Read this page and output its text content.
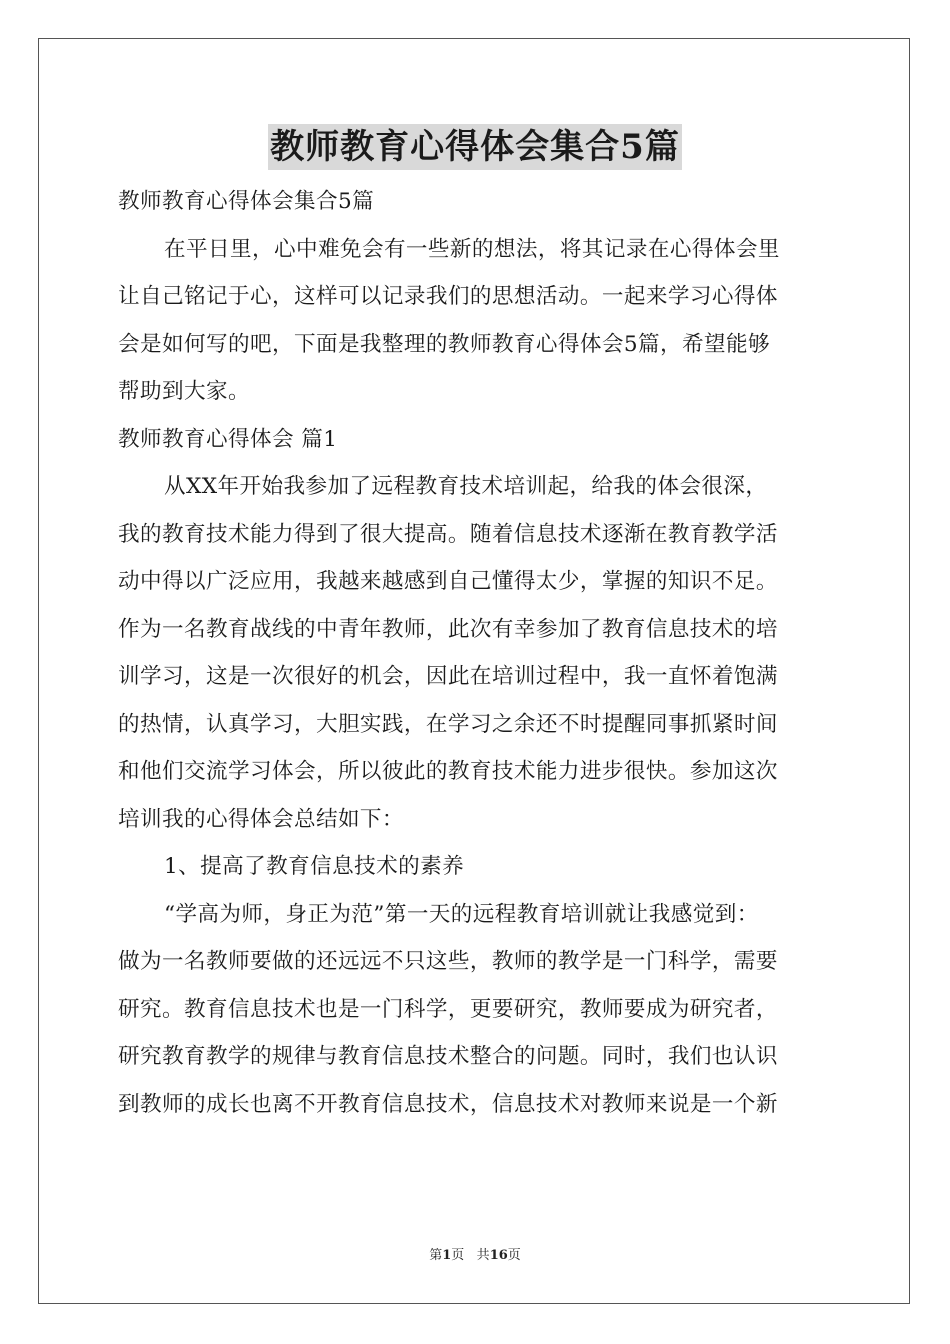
教师教育心得体会集合5篇
教师教育心得体会集合5篇
在平日里，心中难免会有一些新的想法，将其记录在心得体会里
让自己铭记于心，这样可以记录我们的思想活动。一起来学习心得体
会是如何写的吧，下面是我整理的教师教育心得体会5篇，希望能够
帮助到大家。
教师教育心得体会 篇1
从XX年开始我参加了远程教育技术培训起，给我的体会很深，
我的教育技术能力得到了很大提高。随着信息技术逐渐在教育教学活
动中得以广泛应用，我越来越感到自己懂得太少，掌握的知识不足。
作为一名教育战线的中青年教师，此次有幸参加了教育信息技术的培
训学习，这是一次很好的机会，因此在培训过程中，我一直怀着饱满
的热情，认真学习，大胆实践，在学习之余还不时提醒同事抓紧时间
和他们交流学习体会，所以彼此的教育技术能力进步很快。参加这次
培训我的心得体会总结如下：
1、提高了教育信息技术的素养
“学高为师，身正为范”第一天的远程教育培训就让我感觉到：
做为一名教师要做的还远远不只这些，教师的教学是一门科学，需要
研究。教育信息技术也是一门科学，更要研究，教师要成为研究者，
研究教育教学的规律与教育信息技术整合的问题。同时，我们也认识
到教师的成长也离不开教育信息技术，信息技术对教师来说是一个新
第1页 共16页
